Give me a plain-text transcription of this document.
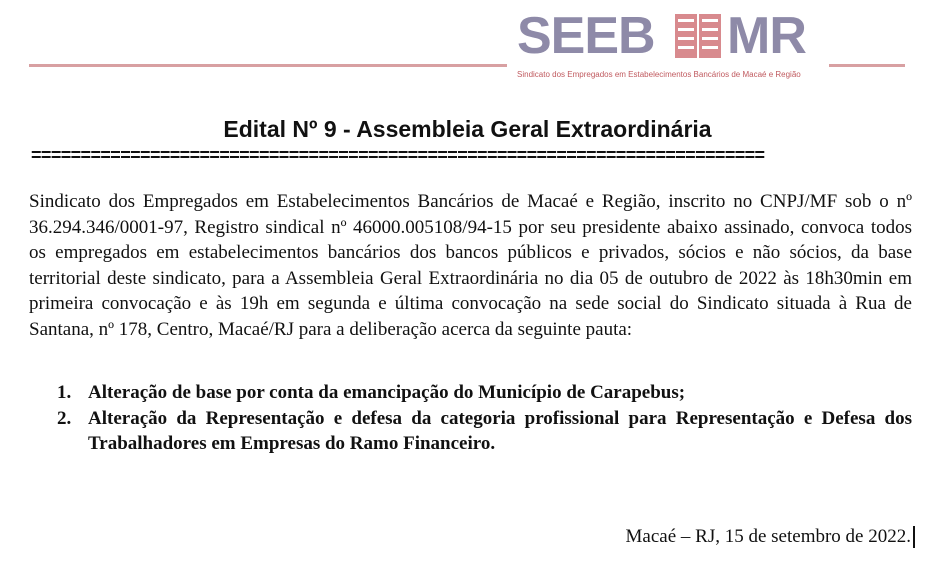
SEEB MR
Sindicato dos Empregados em Estabelecimentos Bancários de Macaé e Região
Edital Nº 9 - Assembleia Geral Extraordinária
==========================================================================
Sindicato dos Empregados em Estabelecimentos Bancários de Macaé e Região, inscrito no CNPJ/MF sob o nº 36.294.346/0001-97, Registro sindical nº 46000.005108/94-15 por seu presidente abaixo assinado, convoca todos os empregados em estabelecimentos bancários dos bancos públicos e privados, sócios e não sócios, da base territorial deste sindicato, para a Assembleia Geral Extraordinária no dia 05 de outubro de 2022 às 18h30min em primeira convocação e às 19h em segunda e última convocação na sede social do Sindicato situada à Rua de Santana, nº 178, Centro, Macaé/RJ para a deliberação acerca da seguinte pauta:
1. Alteração de base por conta da emancipação do Município de Carapebus;
2. Alteração da Representação e defesa da categoria profissional para Representação e Defesa dos Trabalhadores em Empresas do Ramo Financeiro.
Macaé – RJ, 15 de setembro de 2022.
